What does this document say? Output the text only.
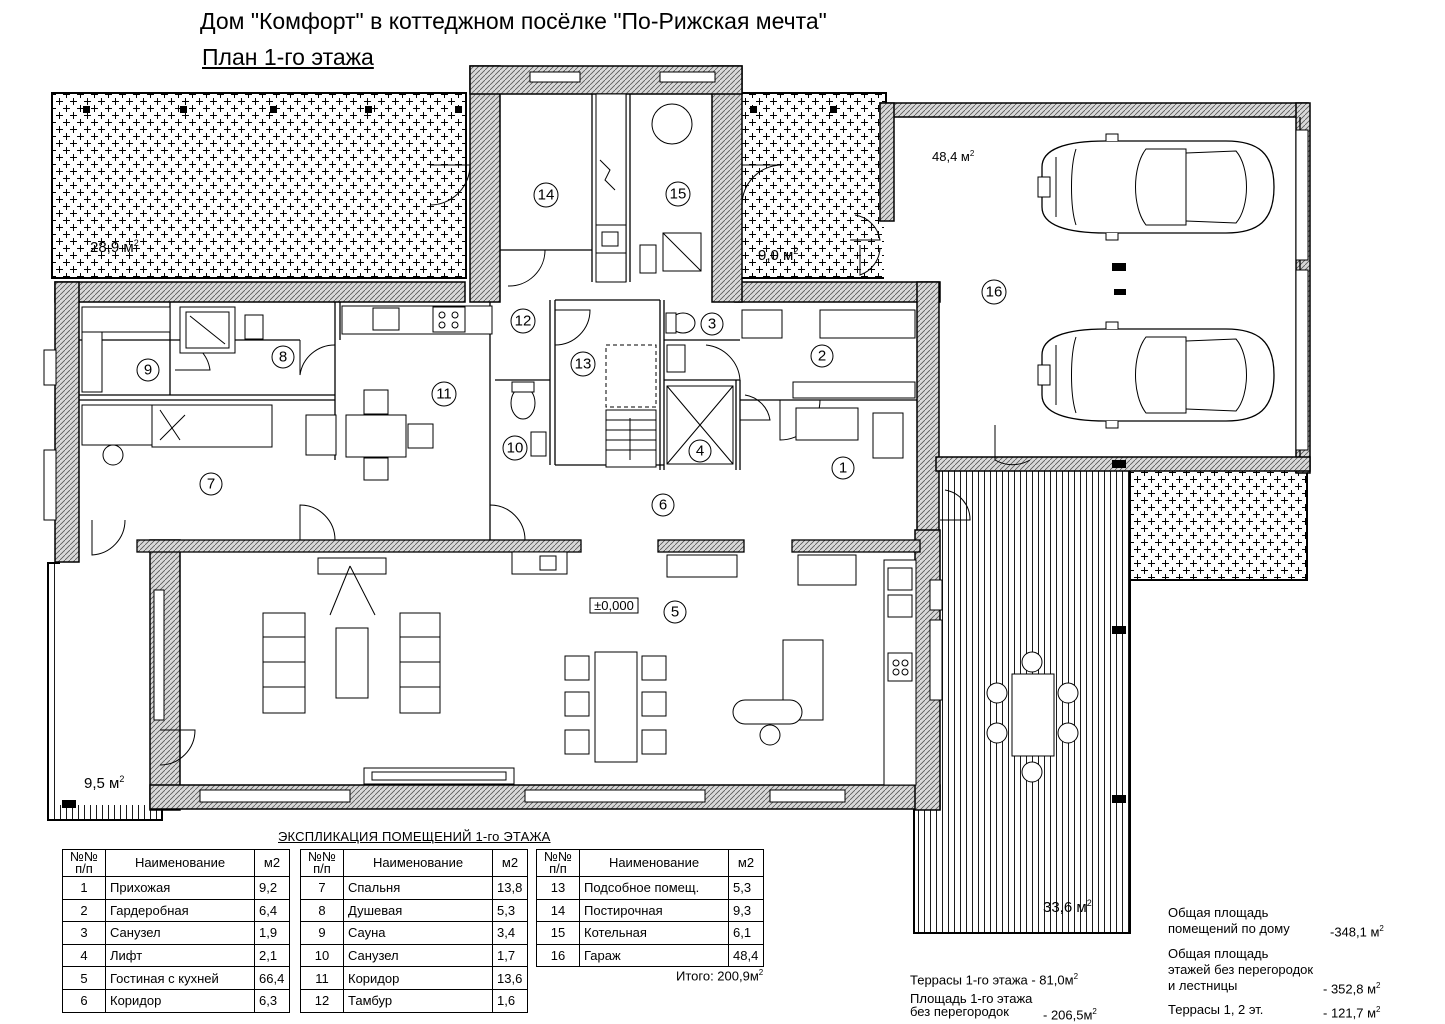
Дом "Комфорт" в коттеджном посёлке "По-Рижская мечта"
План 1-го этажа
1
2
3
4
5
6
7
8
9
10
11
12
13
14	15
16
28,9 $м^2$
9,0 $м^2$
48,4 $м^2$
9,5 $м^2$
33,6 $м^2$
±0,000
ЭКСПЛИКАЦИЯ ПОМЕЩЕНИЙ 1-го ЭТАЖА
№№
п/п	Наименование	м2
1	Прихожая	9,2
2	Гардеробная	6,4
3	Санузел	1,9
4	Лифт	2,1
5	Гостиная с кухней	66,4
6	Коридор	6,3
№№
п/п	Наименование	м2
7	Спальня	13,8
8	Душевая	5,3
9	Сауна	3,4
10	Санузел	1,7
11	Коридор	13,6
12	Тамбур	1,6
№№
п/п	Наименование	м2
13	Подсобное помещ.	5,3
14	Постирочная	9,3
15	Котельная	6,1
16	Гараж	48,4
Итого: $200,9м^2$	Террасы 1-го этажа - $81,0м^2$
Площадь 1-го этажа
без перегородок	- $206,5м^2$
Общая площадь
помещений по дому	-348,1 $м^2$
Общая площадь
этажей без перегородок
и лестницы	- 352,8 $м^2$
Террасы 1, 2 эт.	- 121,7 $м^2$
